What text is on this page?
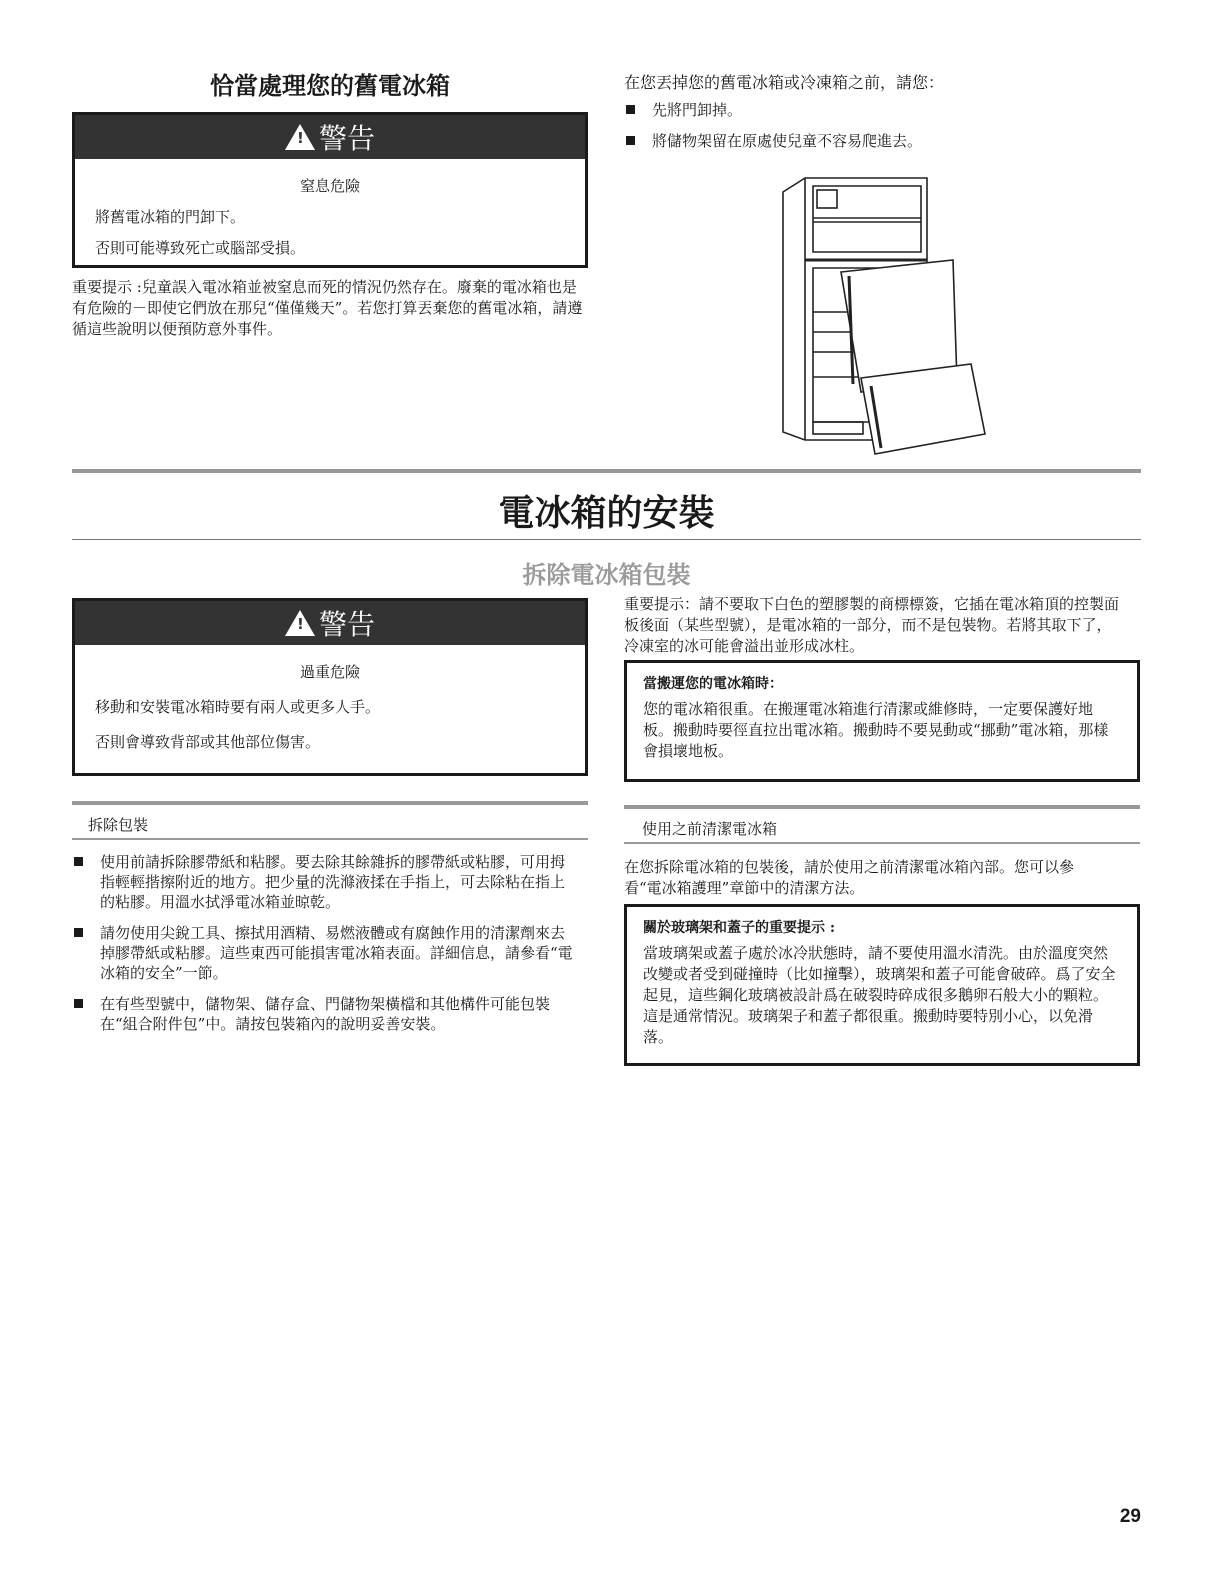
恰當處理您的舊電冰箱
! 警告
窒息危險
將舊電冰箱的門卸下。
否則可能導致死亡或腦部受損。
重要提示 :兒童誤入電冰箱並被窒息而死的情況仍然存在。廢棄的電冰箱也是有危險的－即使它們放在那兒“僅僅幾天”。若您打算丟棄您的舊電冰箱，請遵循這些說明以便預防意外事件。
在您丟掉您的舊電冰箱或冷凍箱之前，請您：
先將門卸掉。
將儲物架留在原處使兒童不容易爬進去。
電冰箱的安裝
拆除電冰箱包裝
! 警告
過重危險
移動和安裝電冰箱時要有兩人或更多人手。
否則會導致背部或其他部位傷害。
重要提示：請不要取下白色的塑膠製的商標標簽，它插在電冰箱頂的控製面板後面（某些型號），是電冰箱的一部分，而不是包裝物。若將其取下了，冷凍室的冰可能會溢出並形成冰柱。
當搬運您的電冰箱時：
您的電冰箱很重。在搬運電冰箱進行清潔或維修時，一定要保護好地板。搬動時要徑直拉出電冰箱。搬動時不要晃動或“挪動”電冰箱，那樣會損壞地板。
拆除包裝
使用前請拆除膠帶紙和粘膠。要去除其餘雜拆的膠帶紙或粘膠，可用拇指輕輕揩擦附近的地方。把少量的洗滌液揉在手指上，可去除粘在指上的粘膠。用溫水拭淨電冰箱並晾乾。
請勿使用尖銳工具、擦拭用酒精、易燃液體或有腐蝕作用的清潔劑來去掉膠帶紙或粘膠。這些東西可能損害電冰箱表面。詳細信息，請參看“電冰箱的安全”一節。
在有些型號中，儲物架、儲存盒、門儲物架橫檔和其他構件可能包裝在“組合附件包”中。請按包裝箱內的說明妥善安裝。
使用之前清潔電冰箱
在您拆除電冰箱的包裝後，請於使用之前清潔電冰箱內部。您可以參看“電冰箱護理”章節中的清潔方法。
關於玻璃架和蓋子的重要提示 :
當玻璃架或蓋子處於冰冷狀態時，請不要使用溫水清洗。由於溫度突然改變或者受到碰撞時（比如撞擊），玻璃架和蓋子可能會破碎。爲了安全起見，這些鋼化玻璃被設計爲在破裂時碎成很多鵝卵石般大小的顆粒。這是通常情況。玻璃架子和蓋子都很重。搬動時要特別小心，以免滑落。
29
